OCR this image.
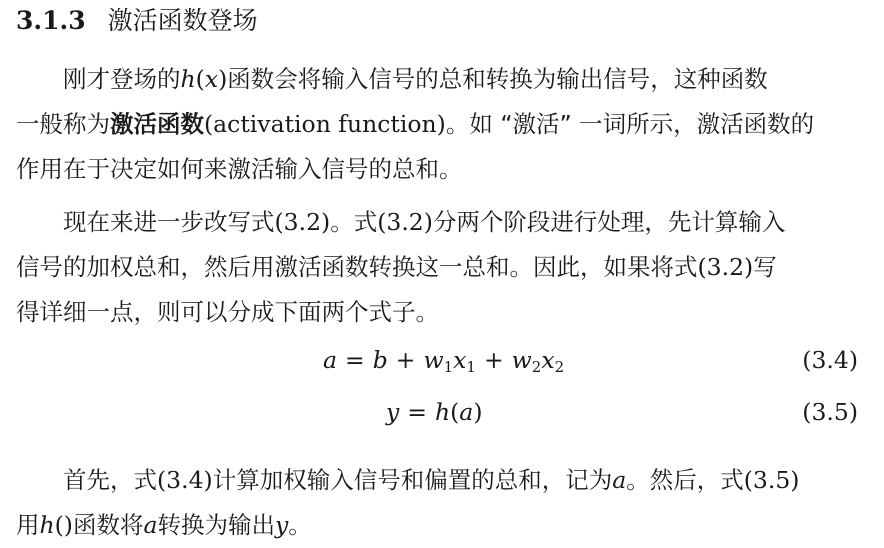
3.1.3 激活函数登场
刚才登场的h(x)函数会将输入信号的总和转换为输出信号，这种函数
一般称为激活函数(activation function)。如 “激活” 一词所示，激活函数的
作用在于决定如何来激活输入信号的总和。
现在来进一步改写式(3.2)。式(3.2)分两个阶段进行处理，先计算输入
信号的加权总和，然后用激活函数转换这一总和。因此，如果将式(3.2)写
得详细一点，则可以分成下面两个式子。
$a = b + w_1x_1 + w_2x_2$	(3.4)
y = h(a)	(3.5)
首先，式(3.4)计算加权输入信号和偏置的总和，记为a。然后，式(3.5)
用h()函数将a转换为输出y。
